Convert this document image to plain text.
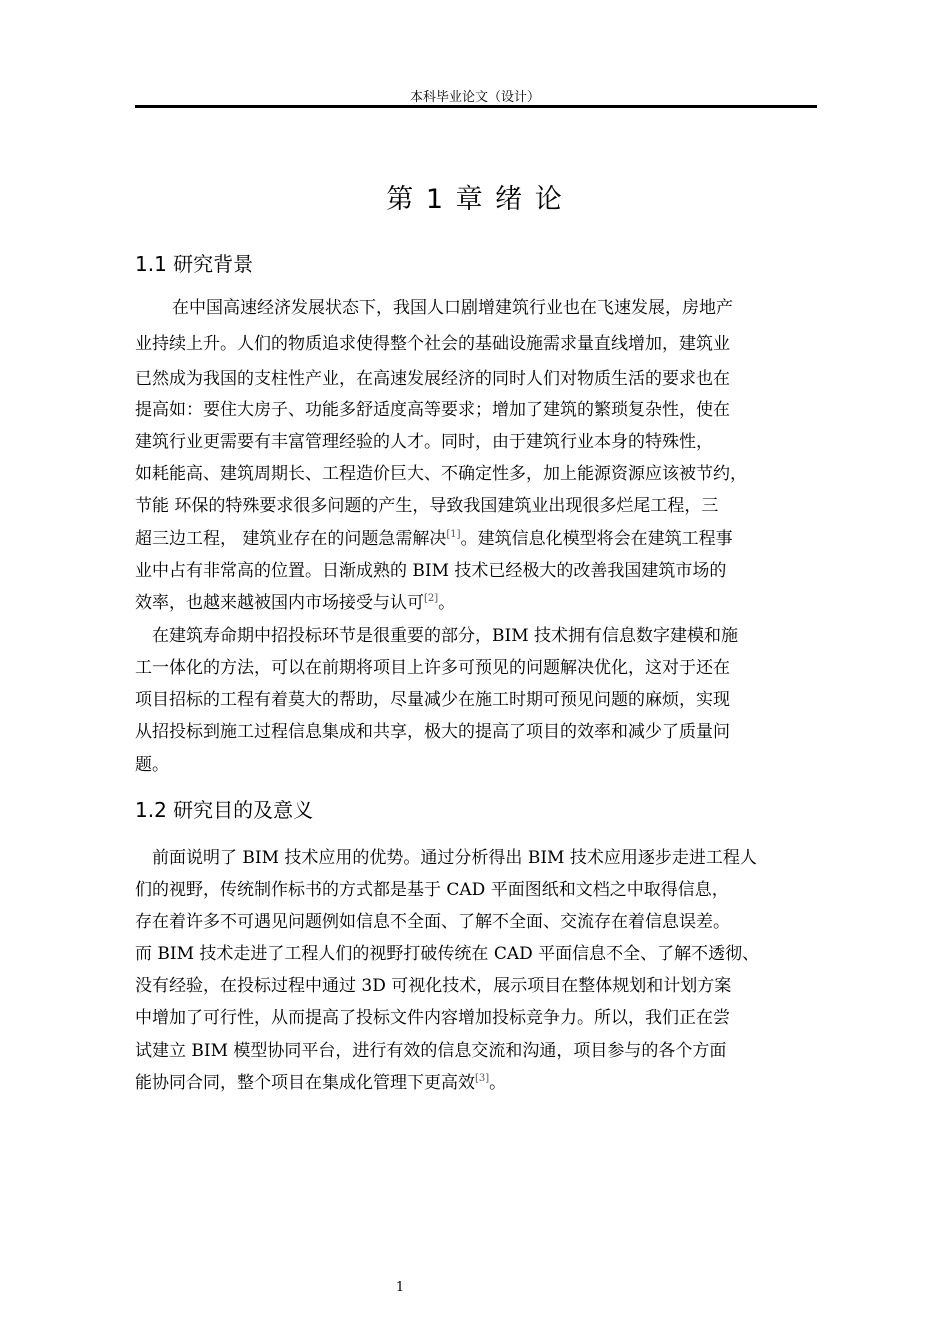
本科毕业论文（设计）
第 1 章 绪 论
1.1 研究背景
在中国高速经济发展状态下，我国人口剧增建筑行业也在飞速发展，房地产
业持续上升。人们的物质追求使得整个社会的基础设施需求量直线增加，建筑业
已然成为我国的支柱性产业，在高速发展经济的同时人们对物质生活的要求也在
提高如：要住大房子、功能多舒适度高等要求；增加了建筑的繁琐复杂性，使在
建筑行业更需要有丰富管理经验的人才。同时，由于建筑行业本身的特殊性，
如耗能高、建筑周期长、工程造价巨大、不确定性多，加上能源资源应该被节约，
节能 环保的特殊要求很多问题的产生，导致我国建筑业出现很多烂尾工程，三
超三边工程， 建筑业存在的问题急需解决[1]。建筑信息化模型将会在建筑工程事
业中占有非常高的位置。日渐成熟的 BIM 技术已经极大的改善我国建筑市场的
效率，也越来越被国内市场接受与认可[2]。
在建筑寿命期中招投标环节是很重要的部分，BIM 技术拥有信息数字建模和施
工一体化的方法，可以在前期将项目上许多可预见的问题解决优化，这对于还在
项目招标的工程有着莫大的帮助，尽量减少在施工时期可预见问题的麻烦，实现
从招投标到施工过程信息集成和共享，极大的提高了项目的效率和减少了质量问
题。
1.2 研究目的及意义
前面说明了 BIM 技术应用的优势。通过分析得出 BIM 技术应用逐步走进工程人
们的视野，传统制作标书的方式都是基于 CAD 平面图纸和文档之中取得信息，
存在着许多不可遇见问题例如信息不全面、了解不全面、交流存在着信息误差。
而 BIM 技术走进了工程人们的视野打破传统在 CAD 平面信息不全、了解不透彻、
没有经验，在投标过程中通过 3D 可视化技术，展示项目在整体规划和计划方案
中增加了可行性，从而提高了投标文件内容增加投标竞争力。所以，我们正在尝
试建立 BIM 模型协同平台，进行有效的信息交流和沟通，项目参与的各个方面
能协同合同，整个项目在集成化管理下更高效[3]。
1
